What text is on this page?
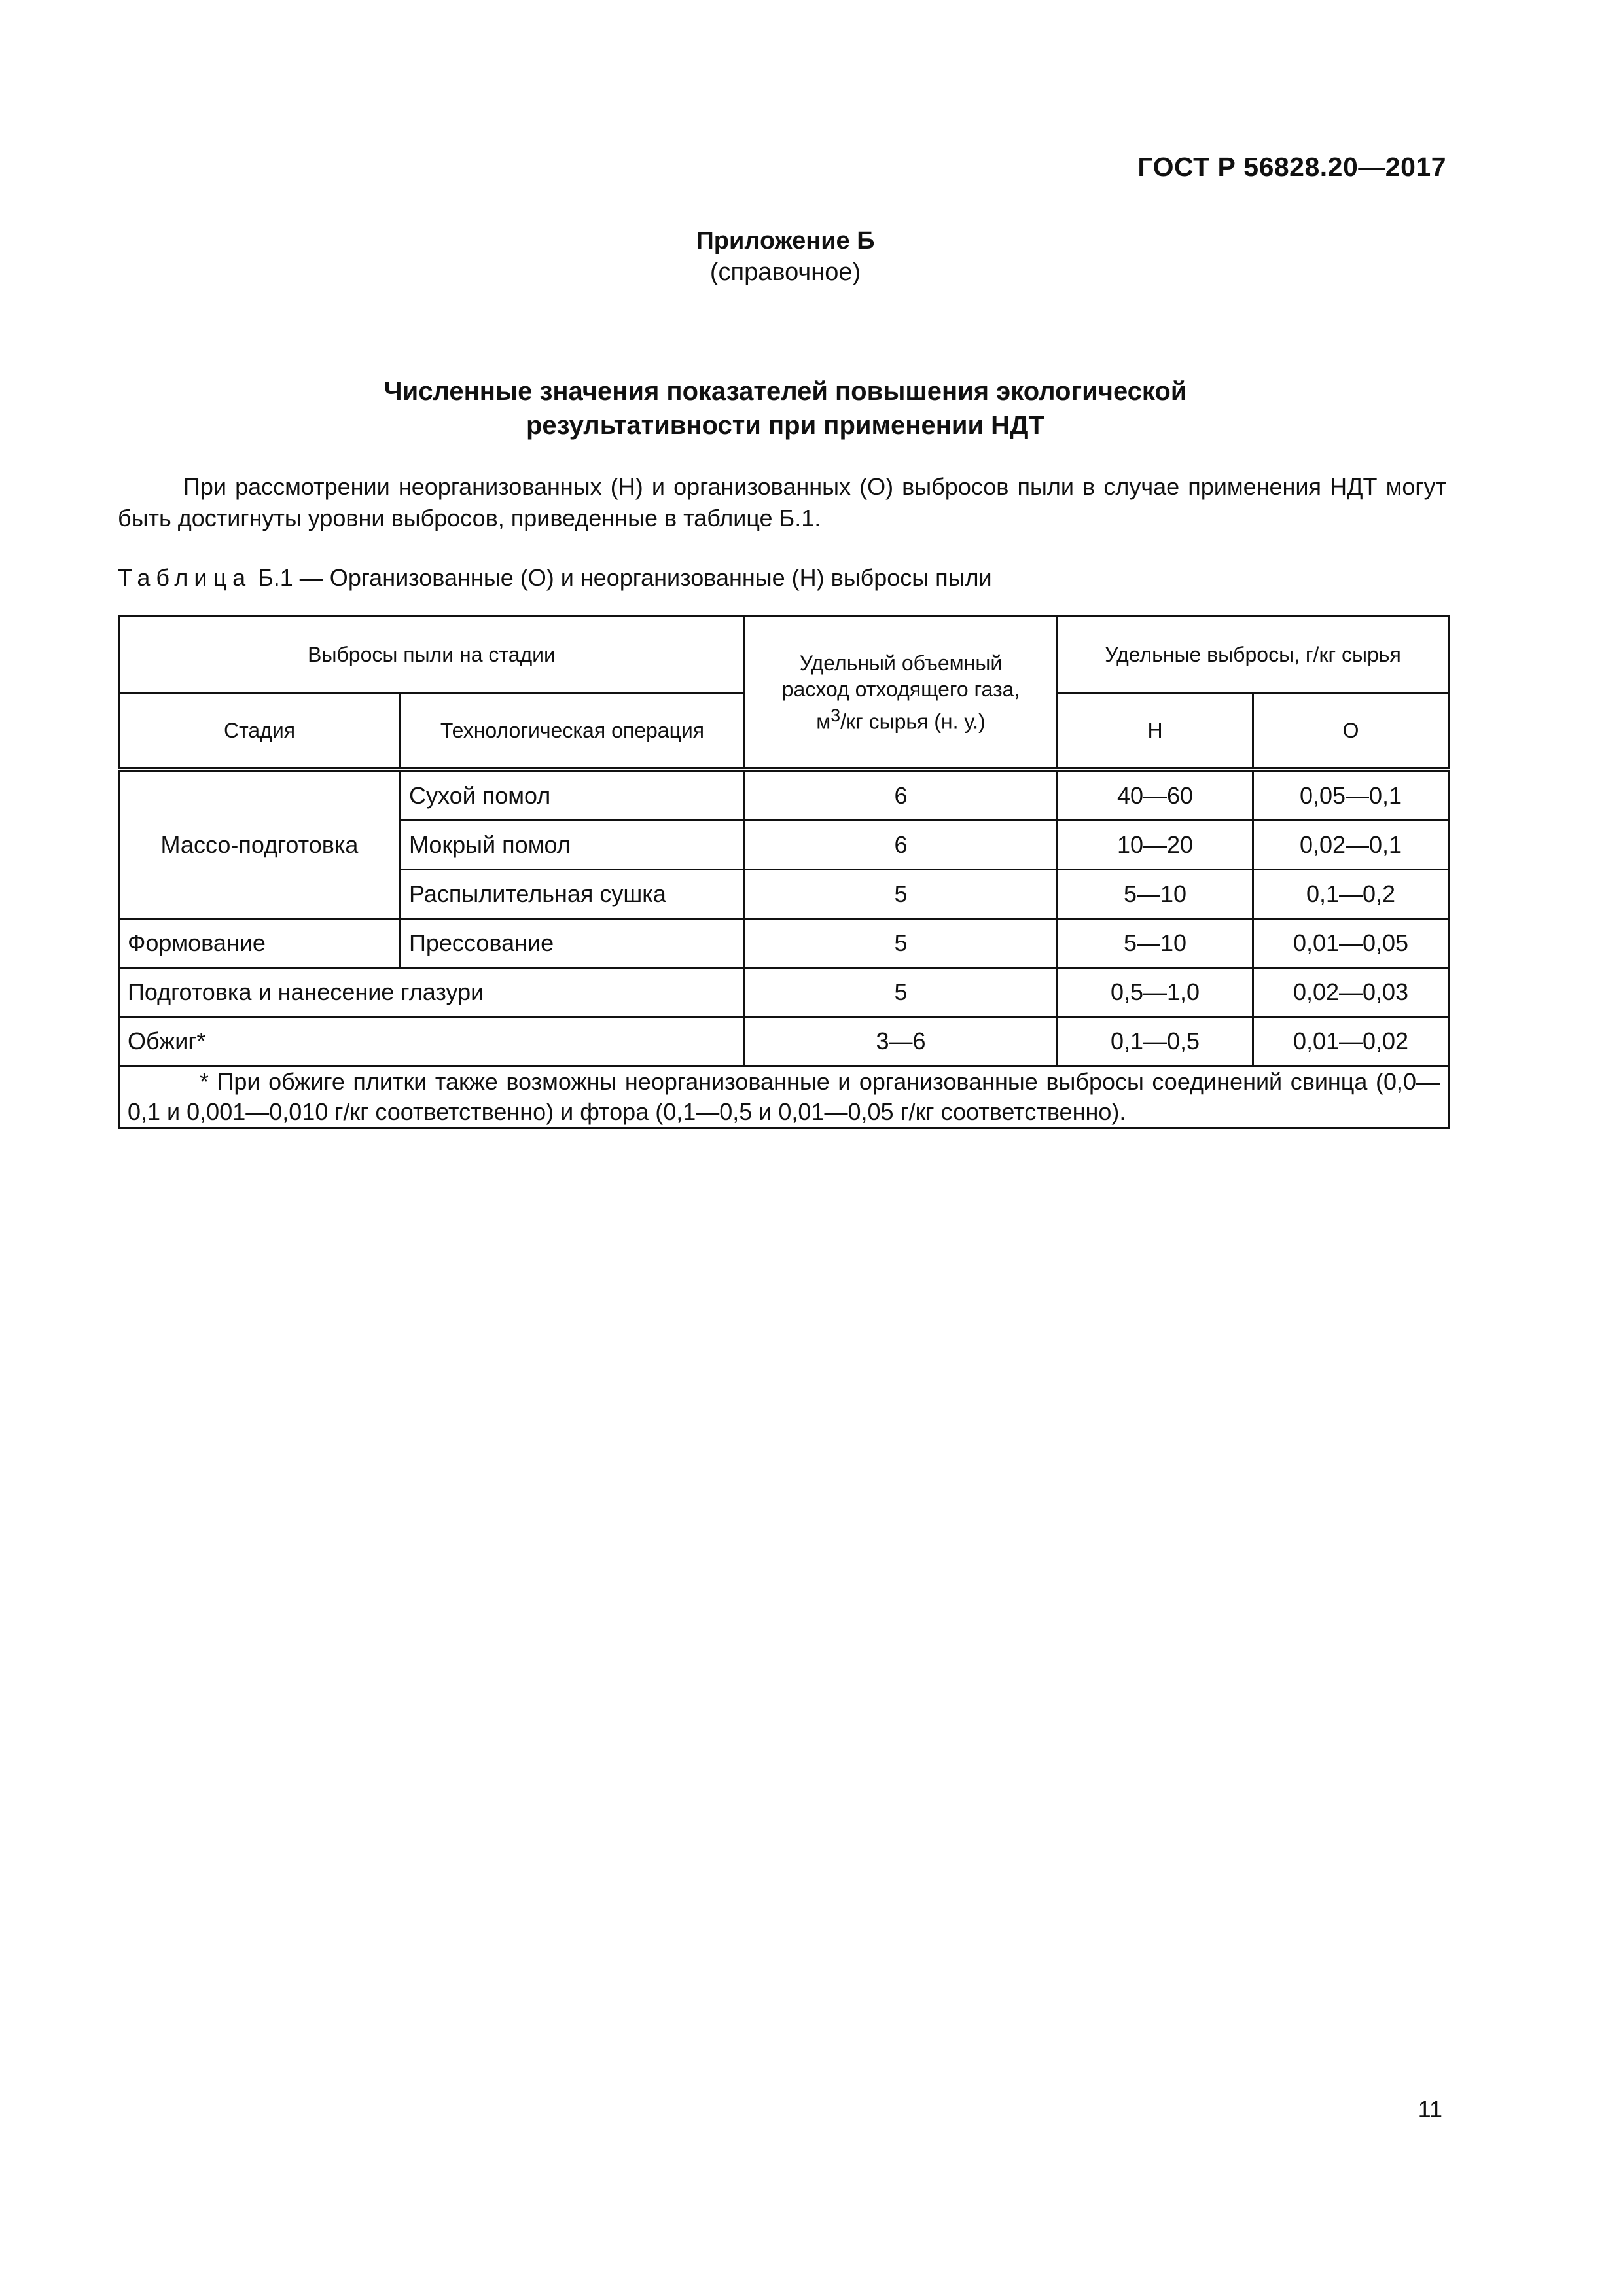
ГОСТ Р 56828.20—2017
Приложение Б
(справочное)
Численные значения показателей повышения экологической
результативности при применении НДТ

При рассмотрении неорганизованных (Н) и организованных (О) выбросов пыли в случае применения НДТ могут быть достигнуты уровни выбросов, приведенные в таблице Б.1.

Таблица Б.1 — Организованные (О) и неорганизованные (Н) выбросы пыли

Выбросы пыли на стадии		Удельный объемный
расход отходящего газа,
$м^3/кг$ сырья (н. у.)	Удельные выбросы, г/кг сырья	
Стадия	Технологическая операция		Н	О
Массо-подготовка	Сухой помол	6	40—60	0,05—0,1
	Мокрый помол	6	10—20	0,02—0,1
	Распылительная сушка	5	5—10	0,1—0,2
Формование	Прессование	5	5—10	0,01—0,05
Подготовка и нанесение глазури		5	0,5—1,0	0,02—0,03
Обжиг*		3—6	0,1—0,5	0,01—0,02
* При обжиге плитки также возможны неорганизованные и организованные выбросы соединений свинца (0,0—0,1 и 0,001—0,010 г/кг соответственно) и фтора (0,1—0,5 и 0,01—0,05 г/кг соответственно).				
11
